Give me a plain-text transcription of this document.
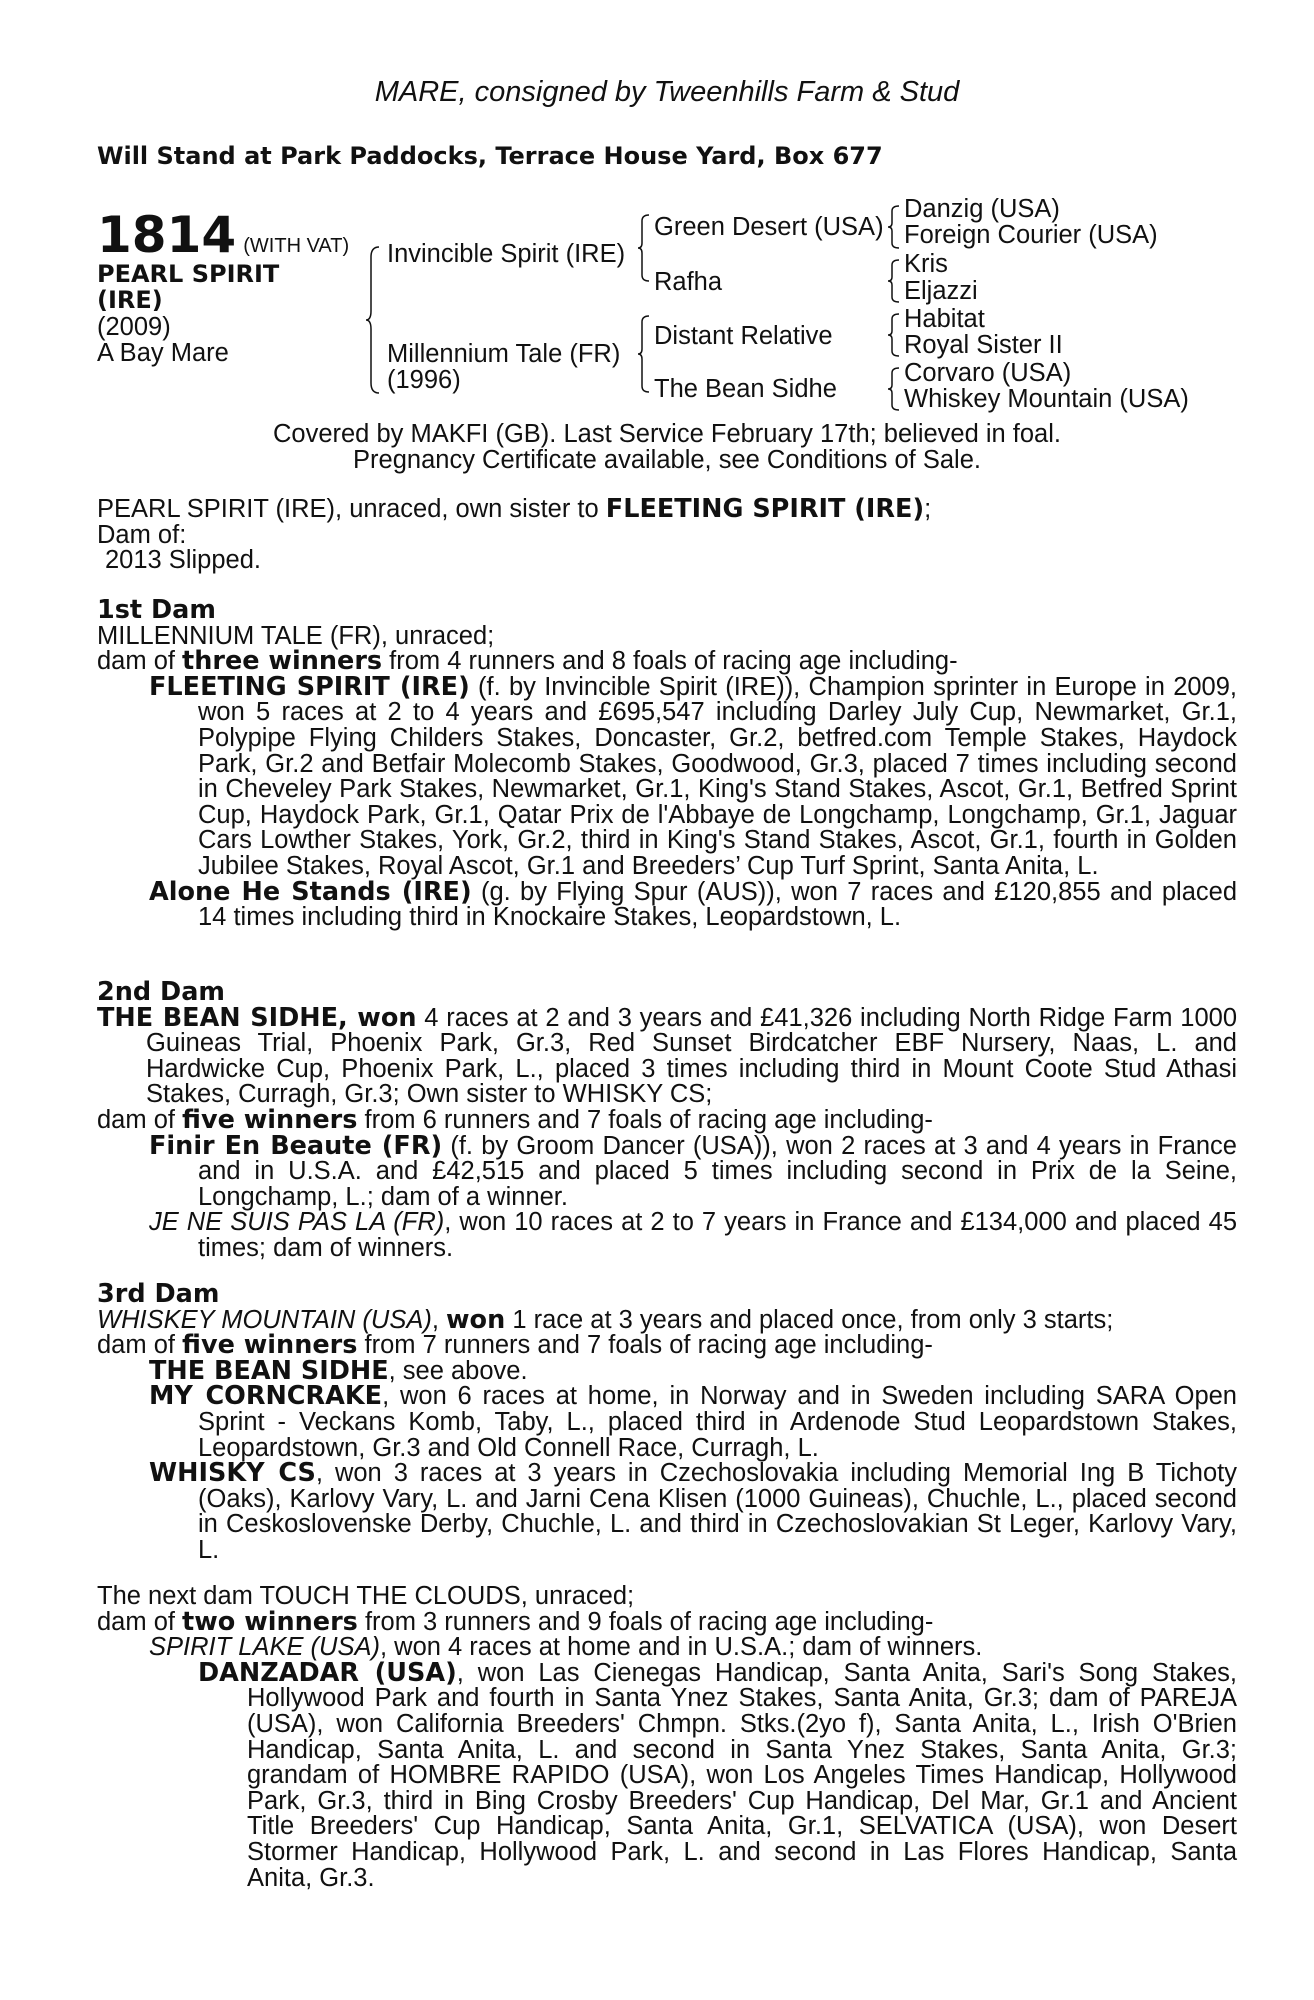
MARE, consigned by Tweenhills Farm & Stud
Will Stand at Park Paddocks, Terrace House Yard, Box 677
1814 (WITH VAT)
PEARL SPIRIT
(IRE)
(2009)
A Bay Mare
Invincible Spirit (IRE)
Millennium Tale (FR)
(1996)
Green Desert (USA)
Rafha
Distant Relative
The Bean Sidhe
Danzig (USA)
Foreign Courier (USA)
Kris
Eljazzi
Habitat
Royal Sister II
Corvaro (USA)
Whiskey Mountain (USA)

Covered by MAKFI (GB). Last Service February 17th; believed in foal.

Pregnancy Certificate available, see Conditions of Sale.

PEARL SPIRIT (IRE), unraced, own sister to FLEETING SPIRIT (IRE);

Dam of:

2013 Slipped.

1st Dam

MILLENNIUM TALE (FR), unraced;

dam of three winners from 4 runners and 8 foals of racing age including-

FLEETING SPIRIT (IRE) (f. by Invincible Spirit (IRE)), Champion sprinter in Europe in 2009, won 5 races at 2 to 4 years and £695,547 including Darley July Cup, Newmarket, Gr.1, Polypipe Flying Childers Stakes, Doncaster, Gr.2, betfred.com Temple Stakes, Haydock Park, Gr.2 and Betfair Molecomb Stakes, Goodwood, Gr.3, placed 7 times including second in Cheveley Park Stakes, Newmarket, Gr.1, King's Stand Stakes, Ascot, Gr.1, Betfred Sprint Cup, Haydock Park, Gr.1, Qatar Prix de l'Abbaye de Longchamp, Longchamp, Gr.1, Jaguar Cars Lowther Stakes, York, Gr.2, third in King's Stand Stakes, Ascot, Gr.1, fourth in Golden Jubilee Stakes, Royal Ascot, Gr.1 and Breeders’ Cup Turf Sprint, Santa Anita, L.

Alone He Stands (IRE) (g. by Flying Spur (AUS)), won 7 races and £120,855 and placed 14 times including third in Knockaire Stakes, Leopardstown, L.

2nd Dam

THE BEAN SIDHE, won 4 races at 2 and 3 years and £41,326 including North Ridge Farm 1000 Guineas Trial, Phoenix Park, Gr.3, Red Sunset Birdcatcher EBF Nursery, Naas, L. and Hardwicke Cup, Phoenix Park, L., placed 3 times including third in Mount Coote Stud Athasi Stakes, Curragh, Gr.3; Own sister to WHISKY CS;

dam of five winners from 6 runners and 7 foals of racing age including-

Finir En Beaute (FR) (f. by Groom Dancer (USA)), won 2 races at 3 and 4 years in France and in U.S.A. and £42,515 and placed 5 times including second in Prix de la Seine, Longchamp, L.; dam of a winner.

JE NE SUIS PAS LA (FR), won 10 races at 2 to 7 years in France and £134,000 and placed 45 times; dam of winners.

3rd Dam

WHISKEY MOUNTAIN (USA), won 1 race at 3 years and placed once, from only 3 starts;

dam of five winners from 7 runners and 7 foals of racing age including-

THE BEAN SIDHE, see above.

MY CORNCRAKE, won 6 races at home, in Norway and in Sweden including SARA Open Sprint - Veckans Komb, Taby, L., placed third in Ardenode Stud Leopardstown Stakes, Leopardstown, Gr.3 and Old Connell Race, Curragh, L.

WHISKY CS, won 3 races at 3 years in Czechoslovakia including Memorial Ing B Tichoty (Oaks), Karlovy Vary, L. and Jarni Cena Klisen (1000 Guineas), Chuchle, L., placed second in Ceskoslovenske Derby, Chuchle, L. and third in Czechoslovakian St Leger, Karlovy Vary, L.

The next dam TOUCH THE CLOUDS, unraced;

dam of two winners from 3 runners and 9 foals of racing age including-

SPIRIT LAKE (USA), won 4 races at home and in U.S.A.; dam of winners.

DANZADAR (USA), won Las Cienegas Handicap, Santa Anita, Sari's Song Stakes, Hollywood Park and fourth in Santa Ynez Stakes, Santa Anita, Gr.3; dam of PAREJA (USA), won California Breeders' Chmpn. Stks.(2yo f), Santa Anita, L., Irish O'Brien Handicap, Santa Anita, L. and second in Santa Ynez Stakes, Santa Anita, Gr.3; grandam of HOMBRE RAPIDO (USA), won Los Angeles Times Handicap, Hollywood Park, Gr.3, third in Bing Crosby Breeders' Cup Handicap, Del Mar, Gr.1 and Ancient Title Breeders' Cup Handicap, Santa Anita, Gr.1, SELVATICA (USA), won Desert Stormer Handicap, Hollywood Park, L. and second in Las Flores Handicap, Santa Anita, Gr.3.
